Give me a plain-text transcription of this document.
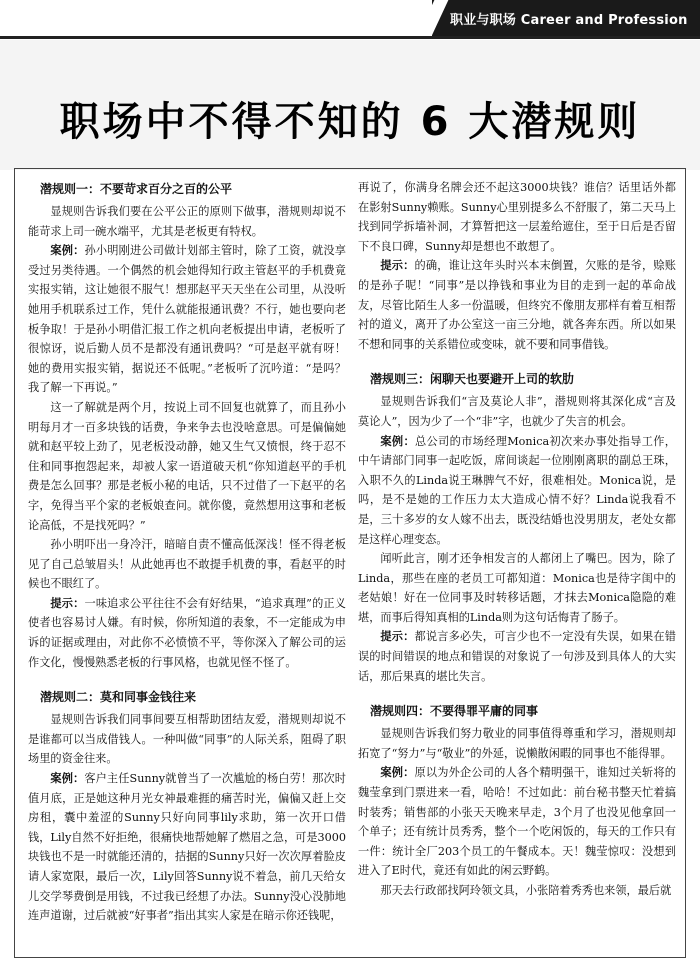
职业与职场 Career and Profession
职场中不得不知的 6 大潜规则
潜规则一：不要苛求百分之百的公平

显规则告诉我们要在公平公正的原则下做事，潜规则却说不能苛求上司一碗水端平，尤其是老板更有特权。

案例：孙小明刚进公司做计划部主管时，除了工资，就没享受过另类待遇。一个偶然的机会她得知行政主管赵平的手机费竟实报实销，这让她很不服气！想那赵平天天坐在公司里，从没听她用手机联系过工作，凭什么就能报通讯费？不行，她也要向老板争取！于是孙小明借汇报工作之机向老板提出申请，老板听了很惊讶，说后勤人员不是都没有通讯费吗？“可是赵平就有呀！她的费用实报实销，据说还不低呢。”老板听了沉吟道：“是吗？我了解一下再说。”

这一了解就是两个月，按说上司不回复也就算了，而且孙小明每月才一百多块钱的话费，争来争去也没啥意思。可是偏偏她就和赵平较上劲了，见老板没动静，她又生气又愤恨，终于忍不住和同事抱怨起来，却被人家一语道破天机“你知道赵平的手机费是怎么回事？那是老板小秘的电话，只不过借了一下赵平的名字，免得当平个家的老板娘查问。就你傻，竟然想用这事和老板论高低，不是找死吗？”

孙小明吓出一身冷汗，暗暗自责不懂高低深浅！怪不得老板见了自己总皱眉头！从此她再也不敢提手机费的事，看赵平的时候也不眼红了。

提示：一味追求公平往往不会有好结果，“追求真理”的正义使者也容易讨人嫌。有时候，你所知道的表象，不一定能成为申诉的证据或理由，对此你不必愤愤不平，等你深入了解公司的运作文化，慢慢熟悉老板的行事风格，也就见怪不怪了。

潜规则二：莫和同事金钱往来

显规则告诉我们同事间要互相帮助团结友爱，潜规则却说不是谁都可以当成借钱人。一种叫做“同事”的人际关系，阻碍了职场里的资金往来。

案例：客户主任Sunny就曾当了一次尴尬的杨白劳！那次时值月底，正是她这种月光女神最难捱的痛苦时光，偏偏又赶上交房租，囊中羞涩的Sunny只好向同事lily求助，第一次开口借钱，Lily自然不好拒绝，很痛快地帮她解了燃眉之急，可是3000块钱也不是一时就能还清的，拮据的Sunny只好一次次厚着脸皮请人家宽限，最后一次，Lily回答Sunny说不着急，前几天给女儿交学琴费倒是用钱，不过我已经想了办法。Sunny没心没肺地连声道谢，过后就被“好事者”指出其实人家是在暗示你还钱呢，

再说了，你满身名牌会还不起这3000块钱？谁信？话里话外都在影射Sunny赖账。Sunny心里别提多么不舒服了，第二天马上找到同学拆墙补洞，才算暂把这一层羞给遮住，至于日后是否留下不良口碑，Sunny却是想也不敢想了。

提示：的确，谁让这年头时兴本末倒置，欠账的是爷，赊账的是孙子呢！“同事”是以挣钱和事业为目的走到一起的革命战友，尽管比陌生人多一份温暖，但终究不像朋友那样有着互相帮衬的道义，离开了办公室这一亩三分地，就各奔东西。所以如果不想和同事的关系错位或变味，就不要和同事借钱。

潜规则三：闲聊天也要避开上司的软肋

显规则告诉我们“言及莫论人非”，潜规则将其深化成“言及莫论人”，因为少了一个“非”字，也就少了失言的机会。

案例：总公司的市场经理Monica初次来办事处指导工作，中午请部门同事一起吃饭，席间谈起一位刚刚离职的副总王珠，入职不久的Linda说王琳脾气不好，很难相处。Monica说，是吗，是不是她的工作压力太大造成心情不好？Linda说我看不是，三十多岁的女人嫁不出去，既没结婚也没男朋友，老处女都是这样心理变态。

闻听此言，刚才还争相发言的人都闭上了嘴巴。因为，除了Linda，那些在座的老员工可都知道：Monica也是待字闺中的老姑娘！好在一位同事及时转移话题，才抹去Monica隐隐的难堪，而事后得知真相的Linda则为这句话悔青了肠子。

提示：都说言多必失，可言少也不一定没有失误，如果在错误的时间错误的地点和错误的对象说了一句涉及到具体人的大实话，那后果真的堪比失言。

潜规则四：不要得罪平庸的同事

显规则告诉我们努力敬业的同事值得尊重和学习，潜规则却拓宽了“努力”与“敬业”的外延，说懒散闲暇的同事也不能得罪。

案例：原以为外企公司的人各个精明强干，谁知过关斩将的魏莹拿到门票进来一看，哈哈！不过如此：前台秘书整天忙着搞时装秀；销售部的小张天天晚来早走，3个月了也没见他拿回一个单子；还有统计员秀秀，整个一个吃闲饭的，每天的工作只有一件：统计全厂203个员工的午餐成本。天！魏莹惊叹：没想到进入了E时代，竟还有如此的闲云野鹤。

那天去行政部找阿玲领文具，小张陪着秀秀也来领，最后就
